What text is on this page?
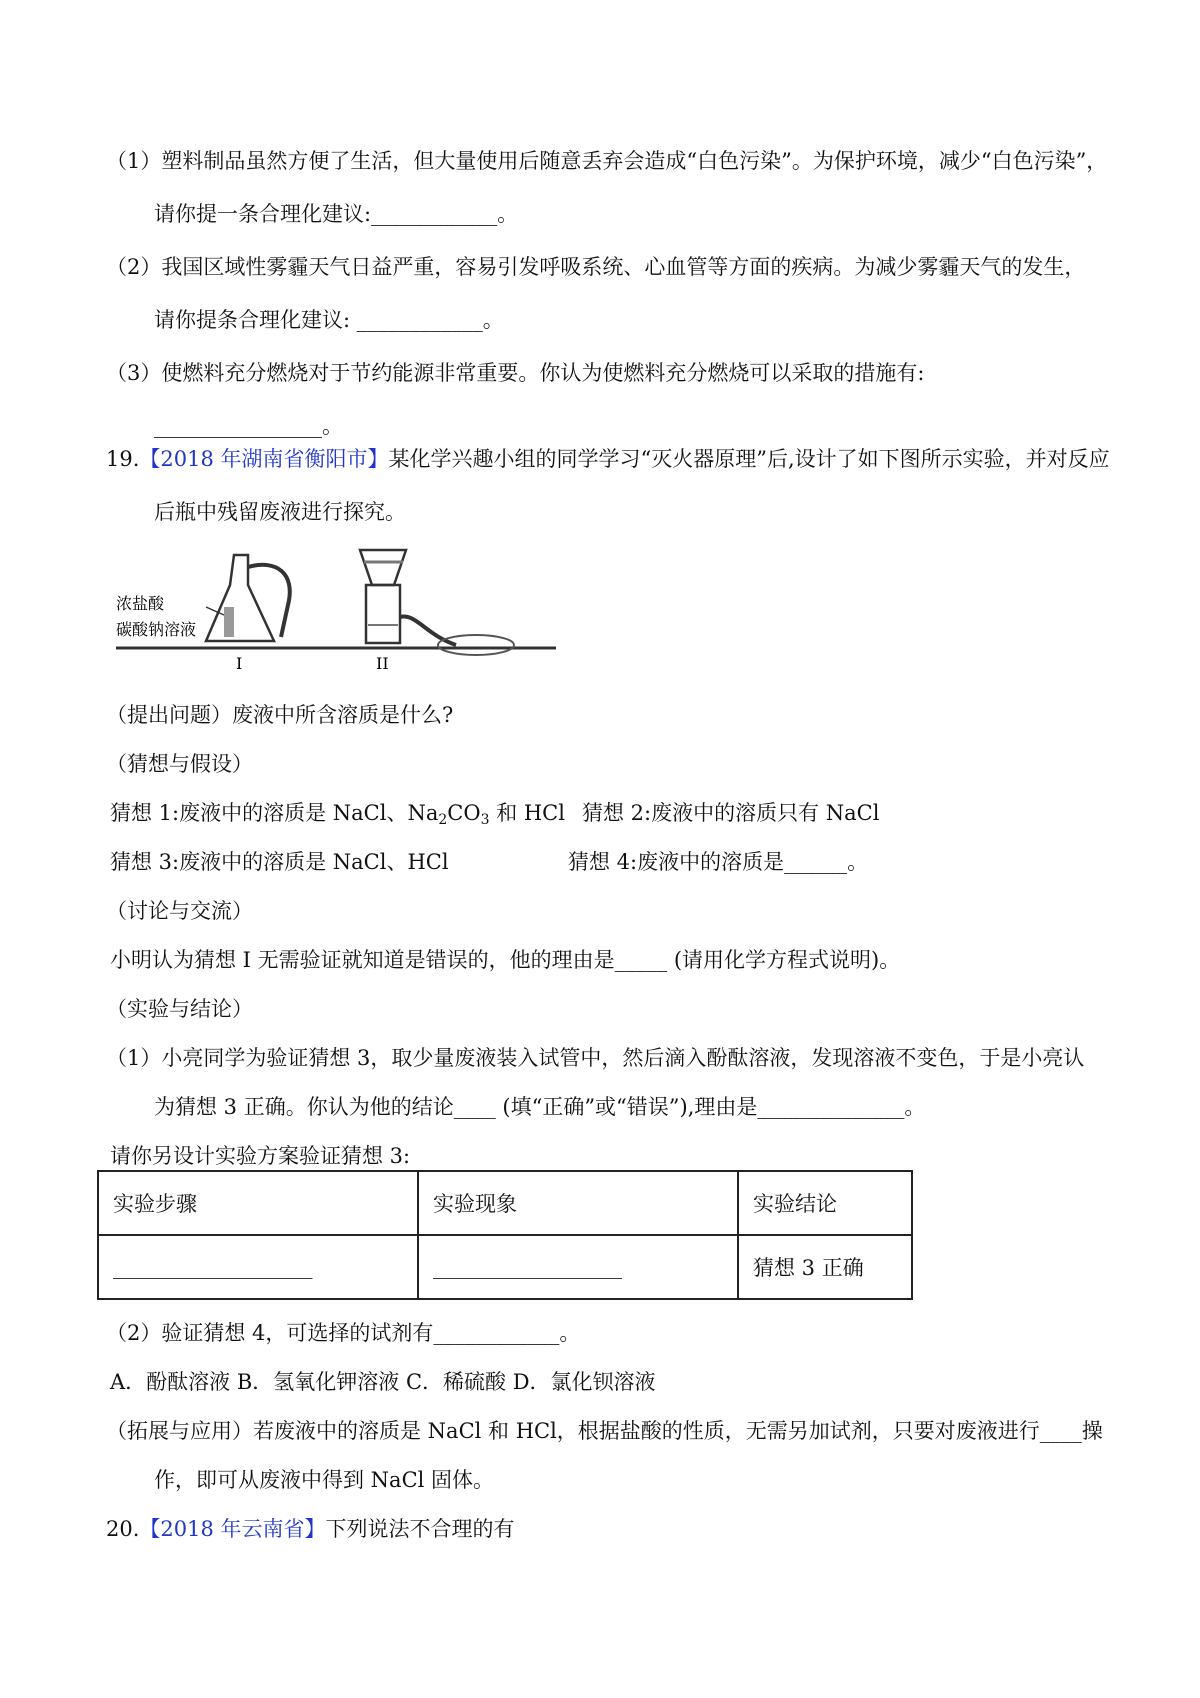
（1）塑料制品虽然方便了生活，但大量使用后随意丢弃会造成“白色污染”。为保护环境，减少“白色污染”，
请你提一条合理化建议:____________。
（2）我国区域性雾霾天气日益严重，容易引发呼吸系统、心血管等方面的疾病。为减少雾霾天气的发生，
请你提条合理化建议: ____________。
（3）使燃料充分燃烧对于节约能源非常重要。你认为使燃料充分燃烧可以采取的措施有:
________________。
19.【2018 年湖南省衡阳市】某化学兴趣小组的同学学习“灭火器原理”后,设计了如下图所示实验，并对反应
后瓶中残留废液进行探究。
浓盐酸
碳酸钠溶液
I	II
（提出问题）废液中所含溶质是什么?
（猜想与假设）
猜想 1:废液中的溶质是 NaCl、$Na_2CO_3$ 和 HCl 猜想 2:废液中的溶质只有 NaCl
猜想 3:废液中的溶质是 NaCl、HCl	猜想 4:废液中的溶质是______。
（讨论与交流）
小明认为猜想 I 无需验证就知道是错误的，他的理由是_____ (请用化学方程式说明)。
（实验与结论）
（1）小亮同学为验证猜想 3，取少量废液装入试管中，然后滴入酚酞溶液，发现溶液不变色，于是小亮认
为猜想 3 正确。你认为他的结论____ (填“正确”或“错误”),理由是______________。
请你另设计实验方案验证猜想 3:
实验步骤	实验现象	实验结论
___________________	__________________	猜想 3 正确
（2）验证猜想 4，可选择的试剂有____________。
A．酚酞溶液 B．氢氧化钾溶液 C．稀硫酸 D．氯化钡溶液
（拓展与应用）若废液中的溶质是 NaCl 和 HCl，根据盐酸的性质，无需另加试剂，只要对废液进行____操
作，即可从废液中得到 NaCl 固体。
20.【2018 年云南省】下列说法不合理的有
